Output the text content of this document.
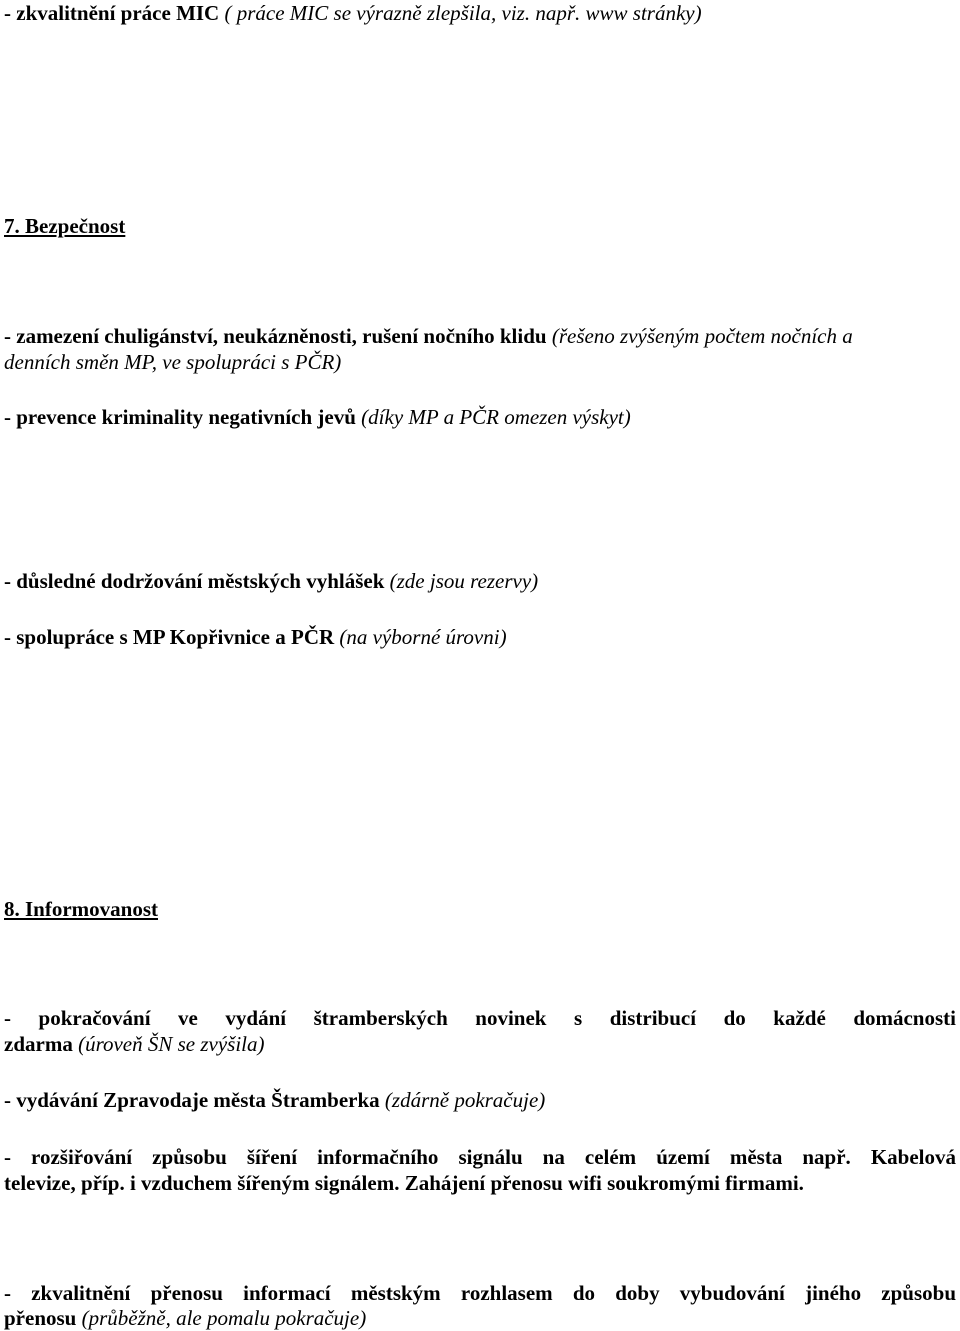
- zkvalitnění práce MIC ( práce MIC se výrazně zlepšila, viz. např. www stránky)
7. Bezpečnost
- zamezení chuligánství, neukázněnosti, rušení nočního klidu (řešeno zvýšeným počtem nočních a
denních směn MP, ve spolupráci s PČR)
- prevence kriminality negativních jevů (díky MP a PČR omezen výskyt)
- důsledné dodržování městských vyhlášek (zde jsou rezervy)
- spolupráce s MP Kopřivnice a PČR (na výborné úrovni)
8. Informovanost
- pokračování ve vydání štramberských novinek s distribucí do každé domácnosti
zdarma (úroveň ŠN se zvýšila)
- vydávání Zpravodaje města Štramberka (zdárně pokračuje)
- rozšiřování způsobu šíření informačního signálu na celém území města např. Kabelová
televize, příp. i vzduchem šířeným signálem. Zahájení přenosu wifi soukromými firmami.
- zkvalitnění přenosu informací městským rozhlasem do doby vybudování jiného způsobu
přenosu (průběžně, ale pomalu pokračuje)
